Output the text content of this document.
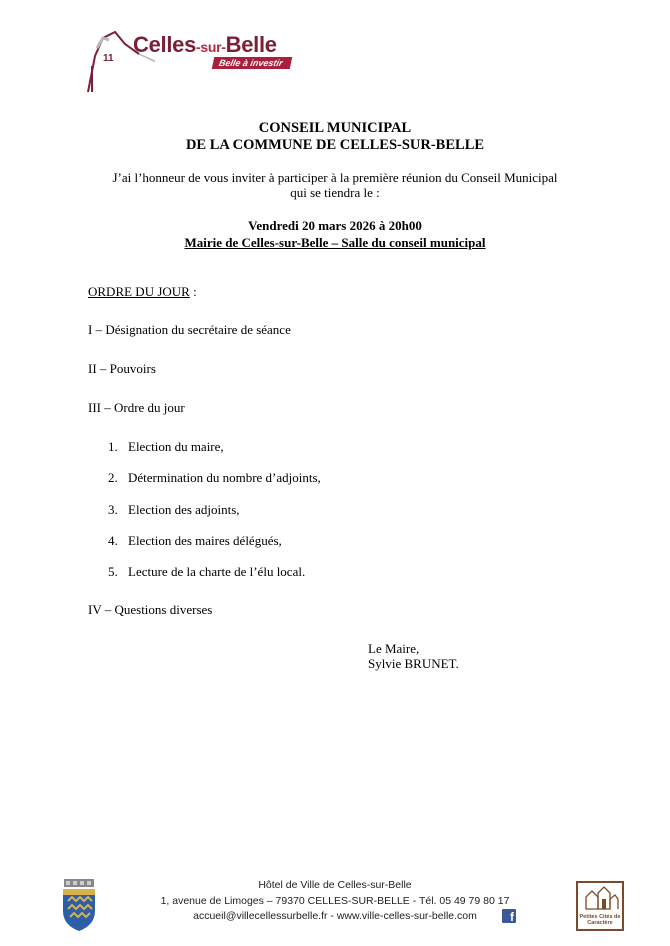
Celles-sur-Belle
11	Belle à investir
CONSEIL MUNICIPAL
DE LA COMMUNE DE CELLES-SUR-BELLE
J’ai l’honneur de vous inviter à participer à la première réunion du Conseil Municipal
qui se tiendra le :
Vendredi 20 mars 2026 à 20h00
Mairie de Celles-sur-Belle – Salle du conseil municipal
ORDRE DU JOUR :
I – Désignation du secrétaire de séance
II – Pouvoirs
III – Ordre du jour
1. Election du maire,
2. Détermination du nombre d’adjoints,
3. Election des adjoints,
4. Election des maires délégués,
5. Lecture de la charte de l’élu local.
IV – Questions diverses
Le Maire,
Sylvie BRUNET.
Hôtel de Ville de Celles-sur-Belle
1, avenue de Limoges – 79370 CELLES-SUR-BELLE - Tél. 05 49 79 80 17
accueil@villecellessurbelle.fr - www.ville-celles-sur-belle.com	f	Petites Cités de Caractère
